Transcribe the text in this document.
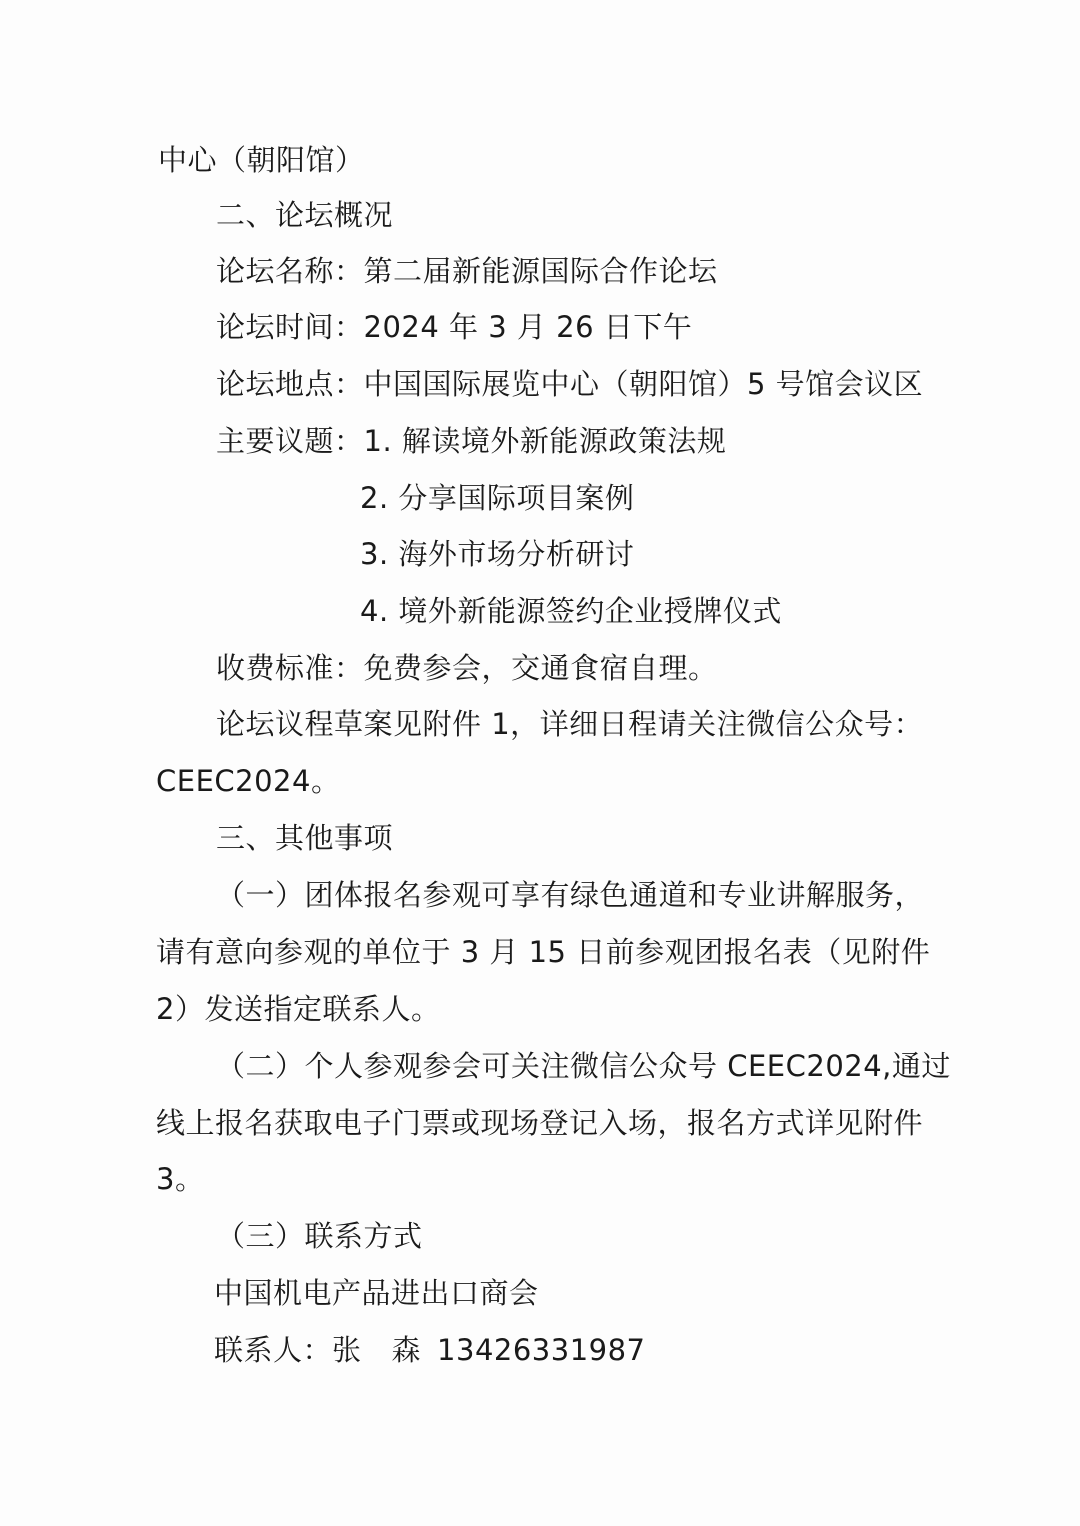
中心（朝阳馆）
二、论坛概况
论坛名称：第二届新能源国际合作论坛
论坛时间：2024 年 3 月 26 日下午
论坛地点：中国国际展览中心（朝阳馆）5 号馆会议区
主要议题：1. 解读境外新能源政策法规
2. 分享国际项目案例
3. 海外市场分析研讨
4. 境外新能源签约企业授牌仪式
收费标准：免费参会，交通食宿自理。
论坛议程草案见附件 1，详细日程请关注微信公众号：
CEEC2024。
三、其他事项
（一）团体报名参观可享有绿色通道和专业讲解服务，
请有意向参观的单位于 3 月 15 日前参观团报名表（见附件
2）发送指定联系人。
（二）个人参观参会可关注微信公众号 CEEC2024,通过
线上报名获取电子门票或现场登记入场，报名方式详见附件
3。
（三）联系方式
中国机电产品进出口商会
联系人：张 森 13426331987
